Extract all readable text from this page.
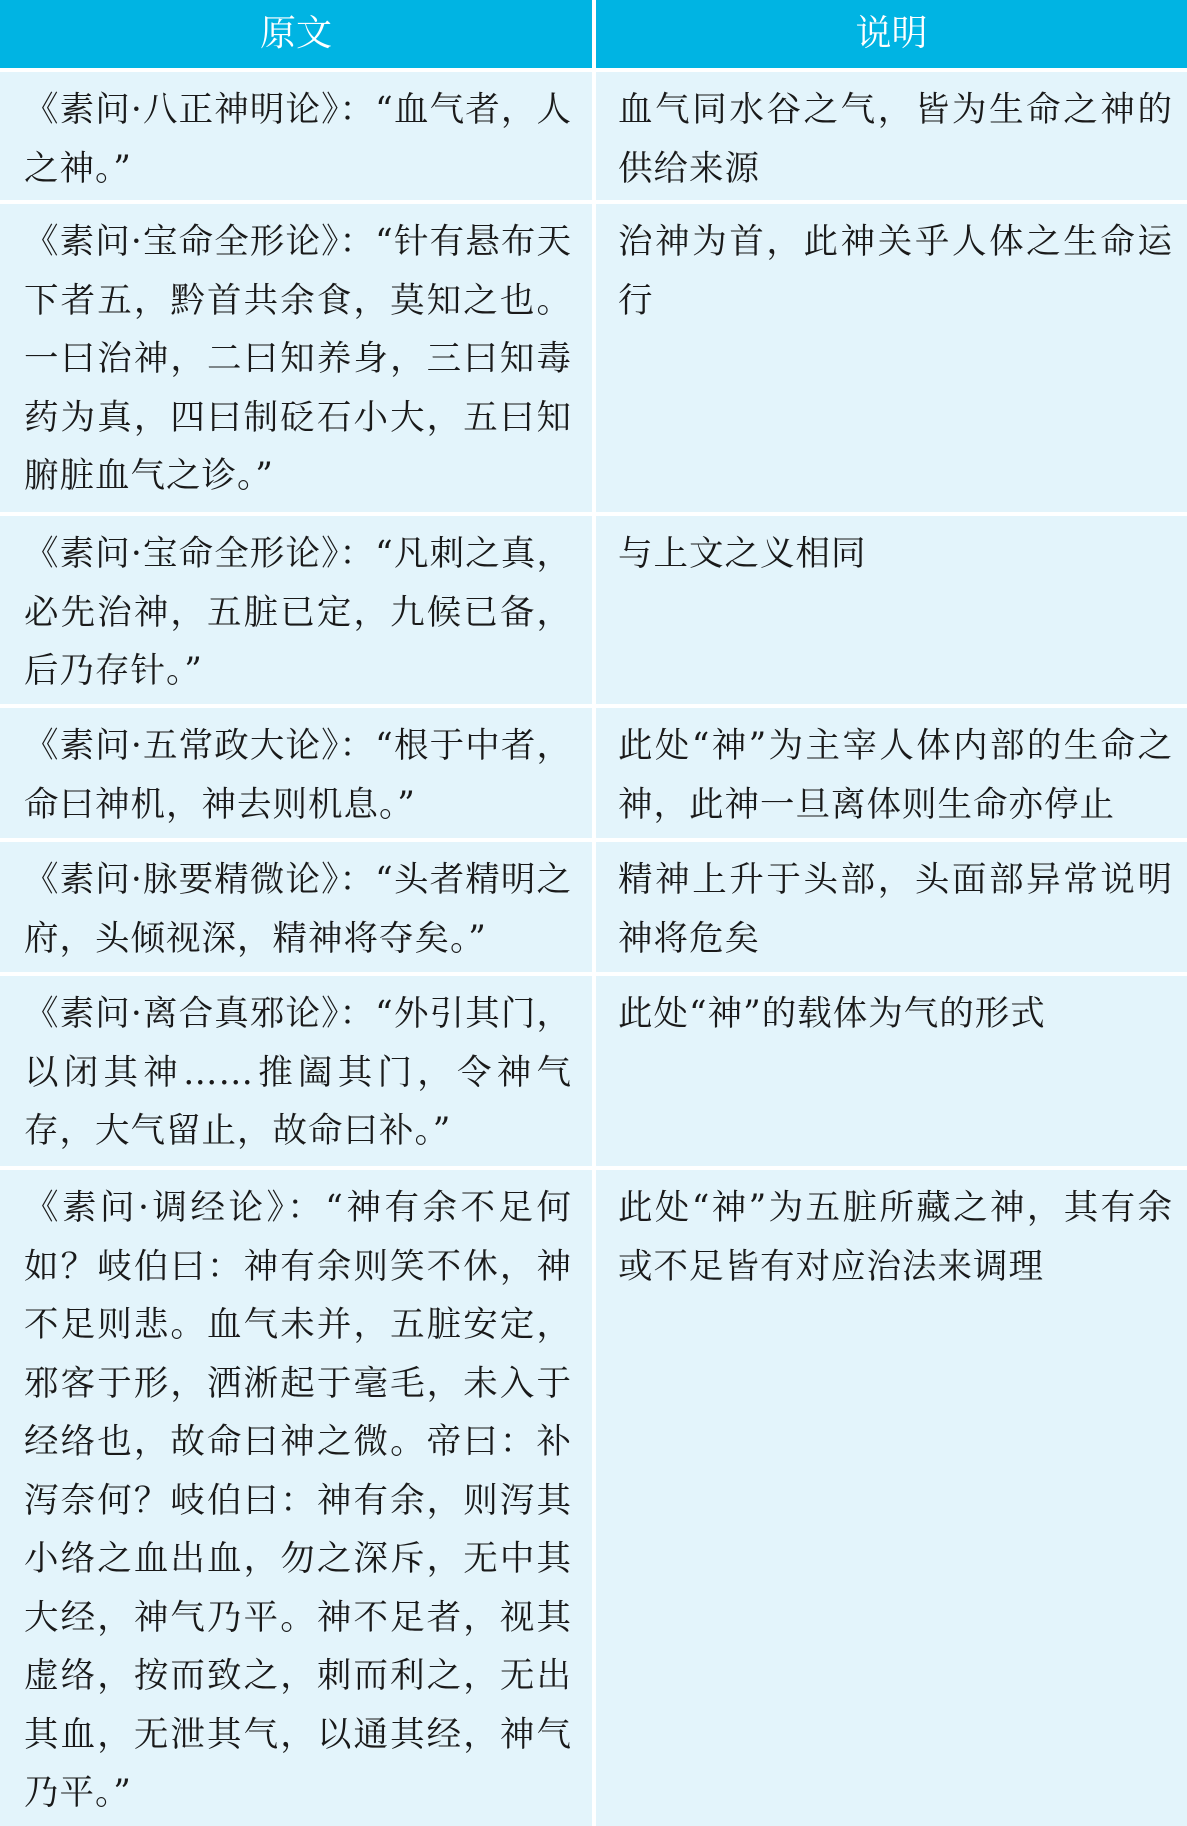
原文	说明
《素问·八正神明论》：“血气者，人之神。”
血气同水谷之气，皆为生命之神的供给来源
《素问·宝命全形论》：“针有悬布天下者五，黔首共余食，莫知之也。一曰治神，二曰知养身，三曰知毒药为真，四曰制砭石小大，五曰知腑脏血气之诊。”
治神为首，此神关乎人体之生命运行
《素问·宝命全形论》：“凡刺之真，必先治神，五脏已定，九候已备，后乃存针。”
与上文之义相同
《素问·五常政大论》：“根于中者，命曰神机，神去则机息。”
此处“神”为主宰人体内部的生命之神，此神一旦离体则生命亦停止
《素问·脉要精微论》：“头者精明之府，头倾视深，精神将夺矣。”
精神上升于头部，头面部异常说明神将危矣
《素问·离合真邪论》：“外引其门，以闭其神……推阖其门，令神气存，大气留止，故命曰补。”
此处“神”的载体为气的形式
《素问·调经论》：“神有余不足何如？岐伯曰：神有余则笑不休，神不足则悲。血气未并，五脏安定，邪客于形，洒淅起于毫毛，未入于经络也，故命曰神之微。帝曰：补泻奈何？岐伯曰：神有余，则泻其小络之血出血，勿之深斥，无中其大经，神气乃平。神不足者，视其虚络，按而致之，刺而利之，无出其血，无泄其气，以通其经，神气乃平。”
此处“神”为五脏所藏之神，其有余或不足皆有对应治法来调理
